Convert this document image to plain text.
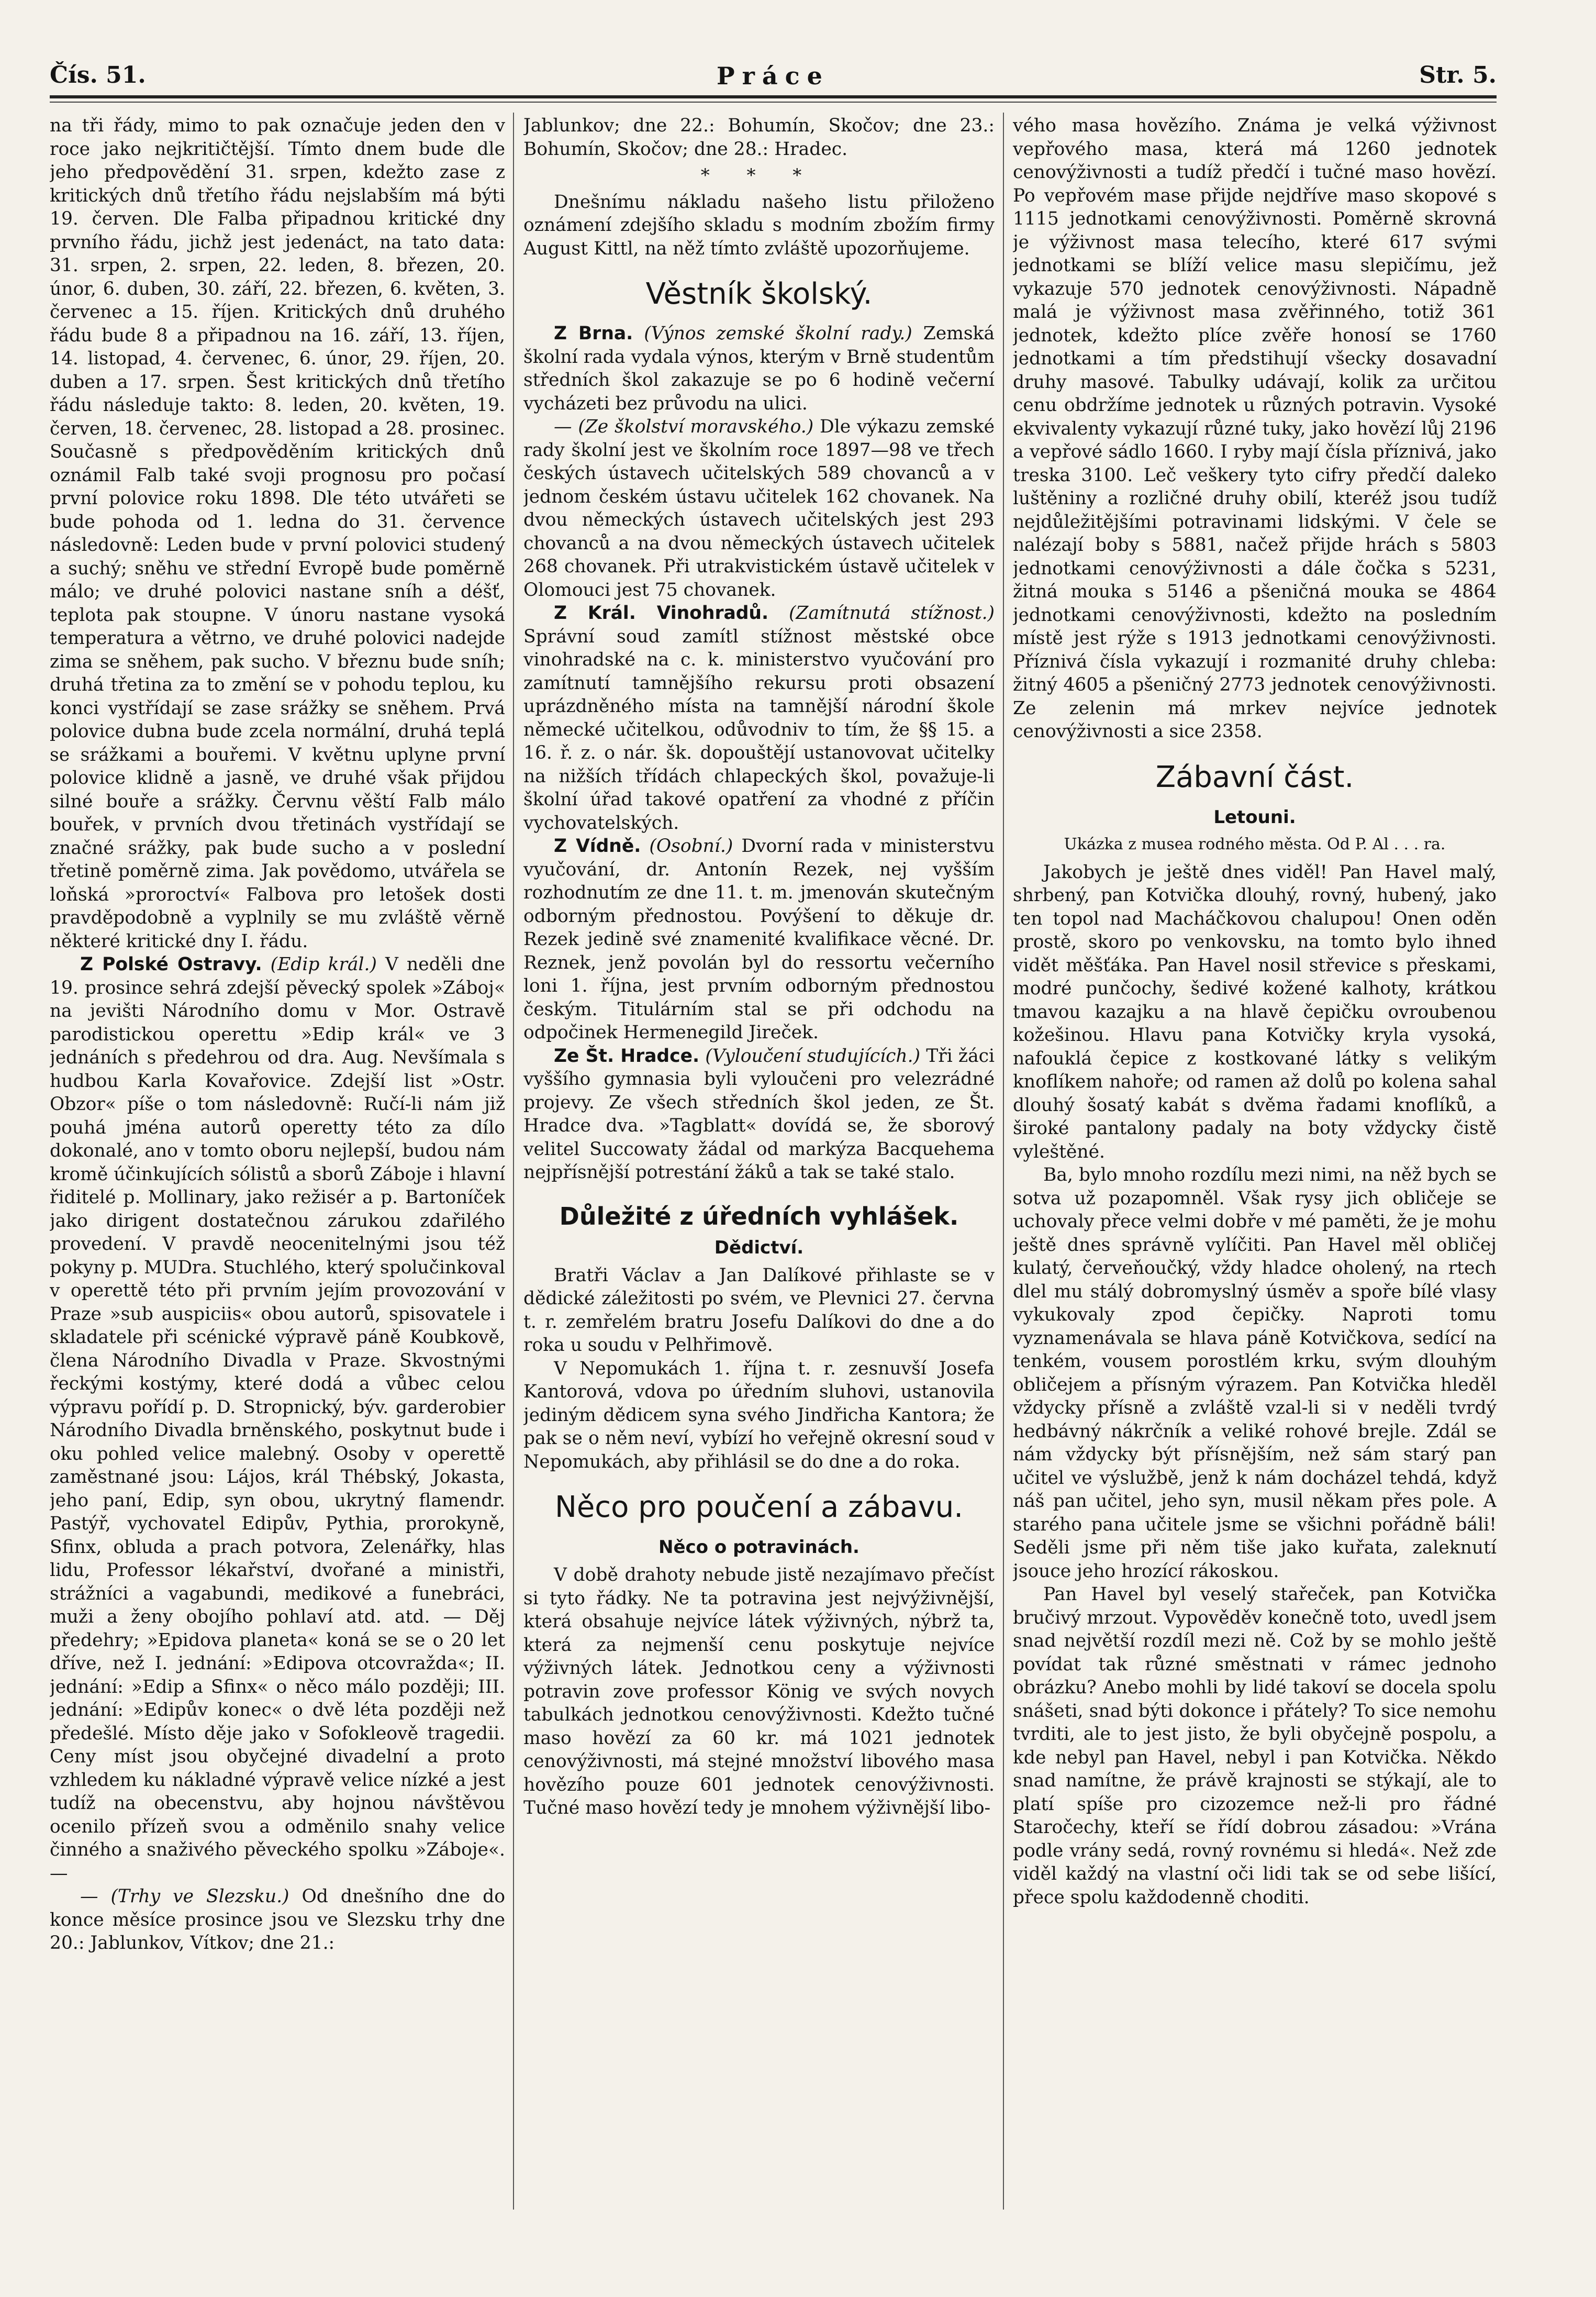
Čís. 51.	Práce	Str. 5.

na tři řády, mimo to pak označuje jeden den v roce jako nejkritičtější. Tímto dnem bude dle jeho předpovědění 31. srpen, kdežto zase z kritických dnů třetího řádu nejslabším má býti 19. červen. Dle Falba připadnou kritické dny prvního řádu, jichž jest jedenáct, na tato data: 31. srpen, 2. srpen, 22. leden, 8. březen, 20. únor, 6. duben, 30. září, 22. březen, 6. květen, 3. červenec a 15. říjen. Kritických dnů druhého řádu bude 8 a připadnou na 16. září, 13. říjen, 14. listopad, 4. červenec, 6. únor, 29. říjen, 20. duben a 17. srpen. Šest kritických dnů třetího řádu následuje takto: 8. leden, 20. květen, 19. červen, 18. červenec, 28. listopad a 28. prosinec. Současně s předpověděním kritických dnů oznámil Falb také svoji prognosu pro počasí první polovice roku 1898. Dle této utvářeti se bude pohoda od 1. ledna do 31. července následovně: Leden bude v první polovici studený a suchý; sněhu ve střední Evropě bude poměrně málo; ve druhé polovici nastane sníh a déšť, teplota pak stoupne. V únoru nastane vysoká temperatura a větrno, ve druhé polovici nadejde zima se sněhem, pak sucho. V březnu bude sníh; druhá třetina za to změní se v pohodu teplou, ku konci vystřídají se zase srážky se sněhem. Prvá polovice dubna bude zcela normální, druhá teplá se srážkami a bouřemi. V květnu uplyne první polovice klidně a jasně, ve druhé však přijdou silné bouře a srážky. Červnu věští Falb málo bouřek, v prvních dvou třetinách vystřídají se značné srážky, pak bude sucho a v poslední třetině poměrně zima. Jak povědomo, utvářela se loňská »proroctví« Falbova pro letošek dosti pravděpodobně a vyplnily se mu zvláště věrně některé kritické dny I. řádu.

Z Polské Ostravy. (Edip král.) V neděli dne 19. prosince sehrá zdejší pěvecký spolek »Záboj« na jevišti Národního domu v Mor. Ostravě parodistickou operettu »Edip král« ve 3 jednáních s předehrou od dra. Aug. Nevšímala s hudbou Karla Kovařovice. Zdejší list »Ostr. Obzor« píše o tom následovně: Ručí-li nám již pouhá jména autorů operetty této za dílo dokonalé, ano v tomto oboru nejlepší, budou nám kromě účinkujících sólistů a sborů Záboje i hlavní řiditelé p. Mollinary, jako režisér a p. Bartoníček jako dirigent dostatečnou zárukou zdařilého provedení. V pravdě neocenitelnými jsou též pokyny p. MUDra. Stuchlého, který spolučinkoval v operettě této při prvním jejím provozování v Praze »sub auspiciis« obou autorů, spisovatele i skladatele při scénické výpravě páně Koubkově, člena Národního Divadla v Praze. Skvostnými řeckými kostýmy, které dodá a vůbec celou výpravu pořídí p. D. Stropnický, býv. garderobier Národního Divadla brněnského, poskytnut bude i oku pohled velice malebný. Osoby v operettě zaměstnané jsou: Lájos, král Thébský, Jokasta, jeho paní, Edip, syn obou, ukrytný flamendr. Pastýř, vychovatel Edipův, Pythia, prorokyně, Sfinx, obluda a prach potvora, Zelenářky, hlas lidu, Professor lékařství, dvořané a ministři, strážníci a vagabundi, medikové a funebráci, muži a ženy obojího pohlaví atd. atd. — Děj předehry; »Epidova planeta« koná se se o 20 let dříve, než I. jednání: »Edipova otcovražda«; II. jednání: »Edip a Sfinx« o něco málo později; III. jednání: »Edipův konec« o dvě léta později než předešlé. Místo děje jako v Sofokleově tragedii. Ceny míst jsou obyčejné divadelní a proto vzhledem ku nákladné výpravě velice nízké a jest tudíž na obecenstvu, aby hojnou návštěvou ocenilo přízeň svou a odměnilo snahy velice činného a snaživého pěveckého spolku »Záboje«. —

— (Trhy ve Slezsku.) Od dnešního dne do konce měsíce prosince jsou ve Slezsku trhy dne 20.: Jablunkov, Vítkov; dne 21.:

Jablunkov; dne 22.: Bohumín, Skočov; dne 23.: Bohumín, Skočov; dne 28.: Hradec.

* * *

Dnešnímu nákladu našeho listu přiloženo oznámení zdejšího skladu s modním zbožím firmy August Kittl, na něž tímto zvláště upozorňujeme.

Věstník školský.

Z Brna. (Výnos zemské školní rady.) Zemská školní rada vydala výnos, kterým v Brně studentům středních škol zakazuje se po 6 hodině večerní vycházeti bez průvodu na ulici.

— (Ze školství moravského.) Dle výkazu zemské rady školní jest ve školním roce 1897—98 ve třech českých ústavech učitelských 589 chovanců a v jednom českém ústavu učitelek 162 chovanek. Na dvou německých ústavech učitelských jest 293 chovanců a na dvou německých ústavech učitelek 268 chovanek. Při utrakvistickém ústavě učitelek v Olomouci jest 75 chovanek.

Z Král. Vinohradů. (Zamítnutá stížnost.) Správní soud zamítl stížnost městské obce vinohradské na c. k. ministerstvo vyučování pro zamítnutí tamnějšího rekursu proti obsazení uprázdněného místa na tamnější národní škole německé učitelkou, odůvodniv to tím, že §§ 15. a 16. ř. z. o nár. šk. dopouštějí ustanovovat učitelky na nižších třídách chlapeckých škol, považuje-li školní úřad takové opatření za vhodné z příčin vychovatelských.

Z Vídně. (Osobní.) Dvorní rada v ministerstvu vyučování, dr. Antonín Rezek, nej vyšším rozhodnutím ze dne 11. t. m. jmenován skutečným odborným přednostou. Povýšení to děkuje dr. Rezek jedině své znamenité kvalifikace věcné. Dr. Reznek, jenž povolán byl do ressortu večerního loni 1. října, jest prvním odborným přednostou českým. Titulárním stal se při odchodu na odpočinek Hermenegild Jireček.

Ze Št. Hradce. (Vyloučení studujících.) Tři žáci vyššího gymnasia byli vyloučeni pro velezrádné projevy. Ze všech středních škol jeden, ze Št. Hradce dva. »Tagblatt« dovídá se, že sborový velitel Succowaty žádal od markýza Bacquehema nejpřísnější potrestání žáků a tak se také stalo.

Důležité z úředních vyhlášek.
Dědictví.

Bratři Václav a Jan Dalíkové přihlaste se v dědické záležitosti po svém, ve Plevnici 27. června t. r. zemřelém bratru Josefu Dalíkovi do dne a do roka u soudu v Pelhřimově.

V Nepomukách 1. října t. r. zesnuvší Josefa Kantorová, vdova po úředním sluhovi, ustanovila jediným dědicem syna svého Jindřicha Kantora; že pak se o něm neví, vybízí ho veřejně okresní soud v Nepomukách, aby přihlásil se do dne a do roka.

Něco pro poučení a zábavu.
Něco o potravinách.

V době drahoty nebude jistě nezajímavo přečíst si tyto řádky. Ne ta potravina jest nejvýživnější, která obsahuje nejvíce látek výživných, nýbrž ta, která za nejmenší cenu poskytuje nejvíce výživných látek. Jednotkou ceny a výživnosti potravin zove professor König ve svých novych tabulkách jednotkou cenovýživnosti. Kdežto tučné maso hovězí za 60 kr. má 1021 jednotek cenovýživnosti, má stejné množství libového masa hovězího pouze 601 jednotek cenovýživnosti. Tučné maso hovězí tedy je mnohem výživnější libo-

vého masa hovězího. Známa je velká výživnost vepřového masa, která má 1260 jednotek cenovýživnosti a tudíž předčí i tučné maso hovězí. Po vepřovém mase přijde nejdříve maso skopové s 1115 jednotkami cenovýživnosti. Poměrně skrovná je výživnost masa telecího, které 617 svými jednotkami se blíží velice masu slepičímu, jež vykazuje 570 jednotek cenovýživnosti. Nápadně malá je výživnost masa zvěřinného, totiž 361 jednotek, kdežto plíce zvěře honosí se 1760 jednotkami a tím předstihují všecky dosavadní druhy masové. Tabulky udávají, kolik za určitou cenu obdržíme jednotek u různých potravin. Vysoké ekvivalenty vykazují různé tuky, jako hovězí lůj 2196 a vepřové sádlo 1660. I ryby mají čísla příznivá, jako treska 3100. Leč veškery tyto cifry předčí daleko luštěniny a rozličné druhy obilí, kteréž jsou tudíž nejdůležitějšími potravinami lidskými. V čele se nalézají boby s 5881, načež přijde hrách s 5803 jednotkami cenovýživnosti a dále čočka s 5231, žitná mouka s 5146 a pšeničná mouka se 4864 jednotkami cenovýživnosti, kdežto na posledním místě jest rýže s 1913 jednotkami cenovýživnosti. Příznivá čísla vykazují i rozmanité druhy chleba: žitný 4605 a pšeničný 2773 jednotek cenovýživnosti. Ze zelenin má mrkev nejvíce jednotek cenovýživnosti a sice 2358.

Zábavní část.
Letouni.
Ukázka z musea rodného města. Od P. Al . . . ra.

Jakobych je ještě dnes viděl! Pan Havel malý, shrbený, pan Kotvička dlouhý, rovný, hubený, jako ten topol nad Macháčkovou chalupou! Onen oděn prostě, skoro po venkovsku, na tomto bylo ihned vidět měšťáka. Pan Havel nosil střevice s přeskami, modré punčochy, šedivé kožené kalhoty, krátkou tmavou kazajku a na hlavě čepičku ovroubenou kožešinou. Hlavu pana Kotvičky kryla vysoká, nafouklá čepice z kostkované látky s velikým knoflíkem nahoře; od ramen až dolů po kolena sahal dlouhý šosatý kabát s dvěma řadami knoflíků, a široké pantalony padaly na boty vždycky čistě vyleštěné.

Ba, bylo mnoho rozdílu mezi nimi, na něž bych se sotva už pozapomněl. Však rysy jich obličeje se uchovaly přece velmi dobře v mé paměti, že je mohu ještě dnes správně vylíčiti. Pan Havel měl obličej kulatý, červeňoučký, vždy hladce oholený, na rtech dlel mu stálý dobromyslný úsměv a spoře bílé vlasy vykukovaly zpod čepičky. Naproti tomu vyznamenávala se hlava páně Kotvičkova, sedící na tenkém, vousem porostlém krku, svým dlouhým obličejem a přísným výrazem. Pan Kotvička hleděl vždycky přísně a zvláště vzal-li si v neděli tvrdý hedbávný nákrčník a veliké rohové brejle. Zdál se nám vždycky být přísnějším, než sám starý pan učitel ve výslužbě, jenž k nám docházel tehdá, když náš pan učitel, jeho syn, musil někam přes pole. A starého pana učitele jsme se všichni pořádně báli! Seděli jsme při něm tiše jako kuřata, zaleknutí jsouce jeho hrozící rákoskou.

Pan Havel byl veselý stařeček, pan Kotvička bručivý mrzout. Vypověděv konečně toto, uvedl jsem snad největší rozdíl mezi ně. Což by se mohlo ještě povídat tak různé směstnati v rámec jednoho obrázku? Anebo mohli by lidé takoví se docela spolu snášeti, snad býti dokonce i přátely? To sice nemohu tvrditi, ale to jest jisto, že byli obyčejně pospolu, a kde nebyl pan Havel, nebyl i pan Kotvička. Někdo snad namítne, že právě krajnosti se stýkají, ale to platí spíše pro cizozemce než-li pro řádné Staročechy, kteří se řídí dobrou zásadou: »Vrána podle vrány sedá, rovný rovnému si hledá«. Než zde viděl každý na vlastní oči lidi tak se od sebe lišící, přece spolu každodenně choditi.
